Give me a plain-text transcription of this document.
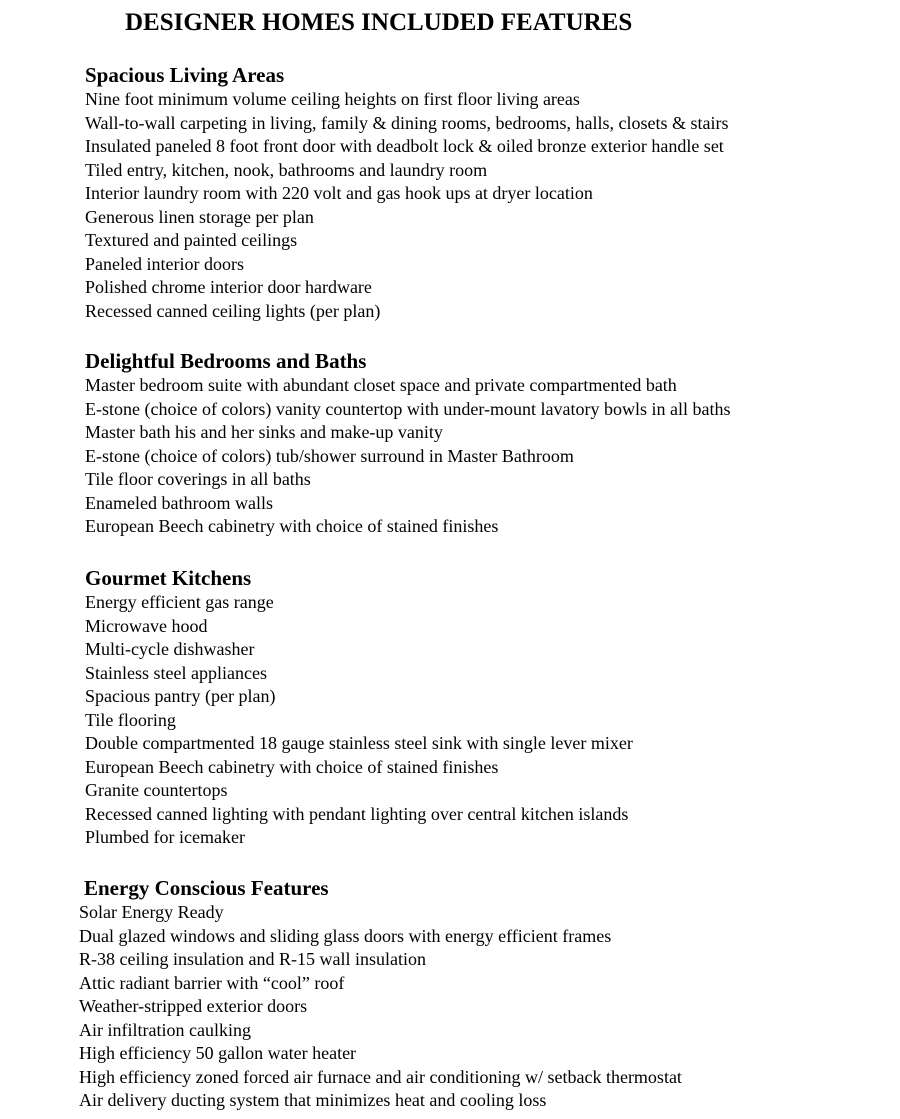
DESIGNER HOMES INCLUDED FEATURES
Spacious Living Areas
Nine foot minimum volume ceiling heights on first floor living areas
Wall-to-wall carpeting in living, family & dining rooms, bedrooms, halls, closets & stairs
Insulated paneled 8 foot front door with deadbolt lock & oiled bronze exterior handle set
Tiled entry, kitchen, nook, bathrooms and laundry room
Interior laundry room with 220 volt and gas hook ups at dryer location
Generous linen storage per plan
Textured and painted ceilings
Paneled interior doors
Polished chrome interior door hardware
Recessed canned ceiling lights (per plan)
Delightful Bedrooms and Baths
Master bedroom suite with abundant closet space and private compartmented bath
E-stone (choice of colors) vanity countertop with under-mount lavatory bowls in all baths
Master bath his and her sinks and make-up vanity
E-stone (choice of colors) tub/shower surround in Master Bathroom
Tile floor coverings in all baths
Enameled bathroom walls
European Beech cabinetry with choice of stained finishes
Gourmet Kitchens
Energy efficient gas range
Microwave hood
Multi-cycle dishwasher
Stainless steel appliances
Spacious pantry (per plan)
Tile flooring
Double compartmented 18 gauge stainless steel sink with single lever mixer
European Beech cabinetry with choice of stained finishes
Granite countertops
Recessed canned lighting with pendant lighting over central kitchen islands
Plumbed for icemaker
Energy Conscious Features
Solar Energy Ready
Dual glazed windows and sliding glass doors with energy efficient frames
R-38 ceiling insulation and R-15 wall insulation
Attic radiant barrier with “cool” roof
Weather-stripped exterior doors
Air infiltration caulking
High efficiency 50 gallon water heater
High efficiency zoned forced air furnace and air conditioning w/ setback thermostat
Air delivery ducting system that minimizes heat and cooling loss
